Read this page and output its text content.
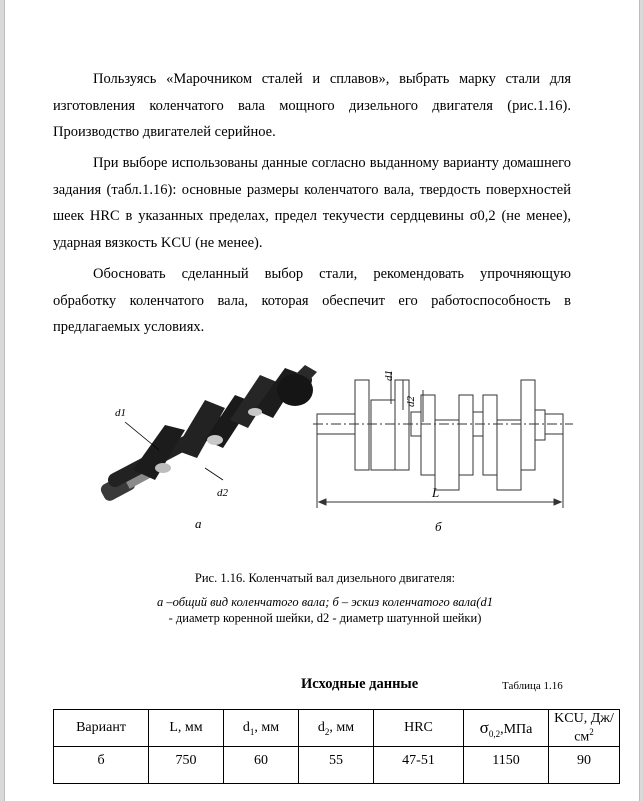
Пользуясь «Марочником сталей и сплавов», выбрать марку стали для изготовления коленчатого вала мощного дизельного двигателя (рис.1.16). Производство двигателей серийное.

При выборе использованы данные согласно выданному варианту домашнего задания (табл.1.16): основные размеры коленчатого вала, твердость поверхностей шеек HRC в указанных пределах, предел текучести сердцевины σ0,2 (не менее), ударная вязкость KCU (не менее).

Обосновать сделанный выбор стали, рекомендовать упрочняющую обработку коленчатого вала, которая обеспечит его работоспособность в предлагаемых условиях.

d1
d2
а
d1
d2
L
б
Рис. 1.16. Коленчатый вал дизельного двигателя:
а –общий вид коленчатого вала; б – эскиз коленчатого вала(d1
- диаметр коренной шейки, d2 - диаметр шатунной шейки)
Исходные данные	Таблица 1.16
Вариант	L, мм	$d_1$, мм	$d_2$, мм	HRC	$\sigma_{0,2},МПа$	KCU, $Дж/см^2$
б	750	60	55	47-51	1150	90
